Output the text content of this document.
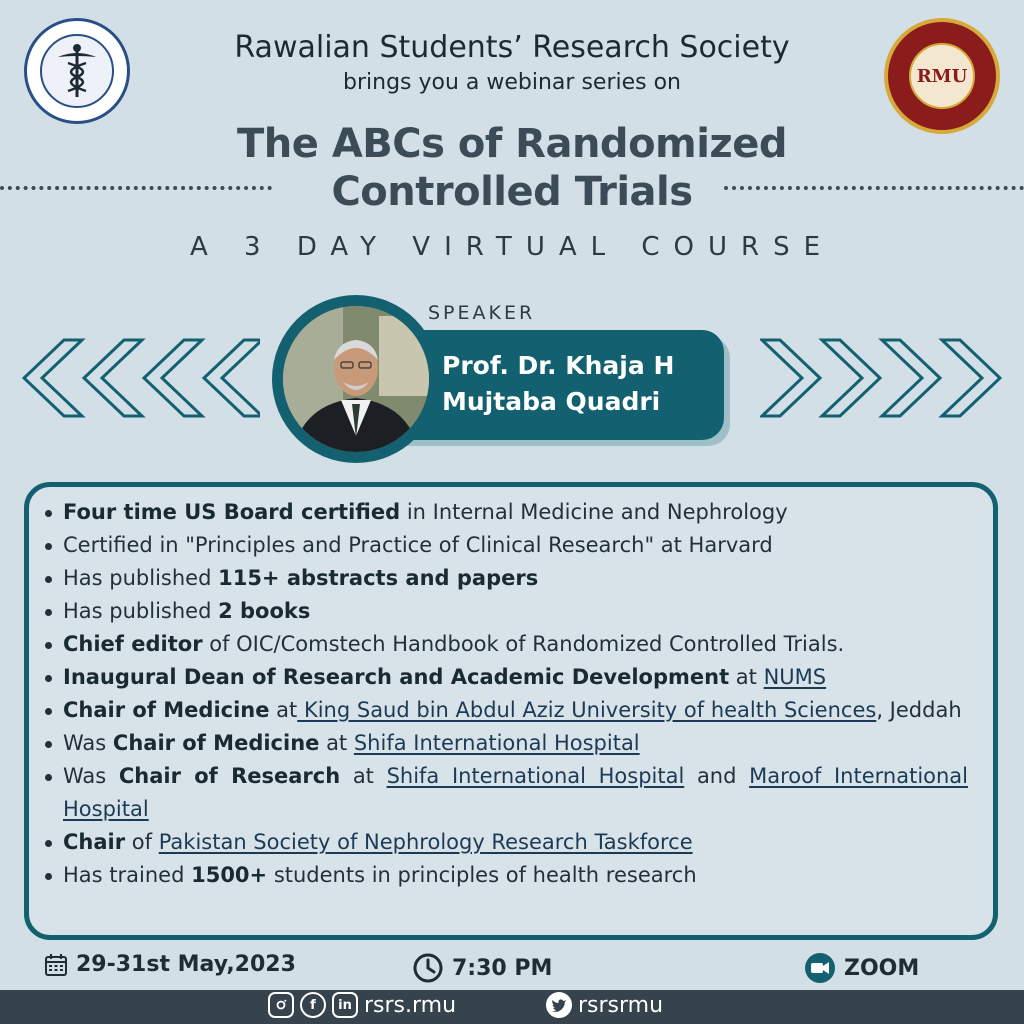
RMU
Rawalian Students’ Research Society
brings you a webinar series on
The ABCs of Randomized
Controlled Trials
A 3 DAY VIRTUAL COURSE
SPEAKER
Prof. Dr. Khaja H
Mujtaba Quadri
Four time US Board certified in Internal Medicine and Nephrology
Certified in "Principles and Practice of Clinical Research" at Harvard
Has published 115+ abstracts and papers
Has published 2 books
Chief editor of OIC/Comstech Handbook of Randomized Controlled Trials.
Inaugural Dean of Research and Academic Development at NUMS
Chair of Medicine at King Saud bin Abdul Aziz University of health Sciences, Jeddah
Was Chair of Medicine at Shifa International Hospital
Was Chair of Research at Shifa International Hospital and Maroof International Hospital
Chair of Pakistan Society of Nephrology Research Taskforce
Has trained 1500+ students in principles of health research
29-31st May,2023	7:30 PM	ZOOM
f	in rsrs.rmu	rsrsrmu
